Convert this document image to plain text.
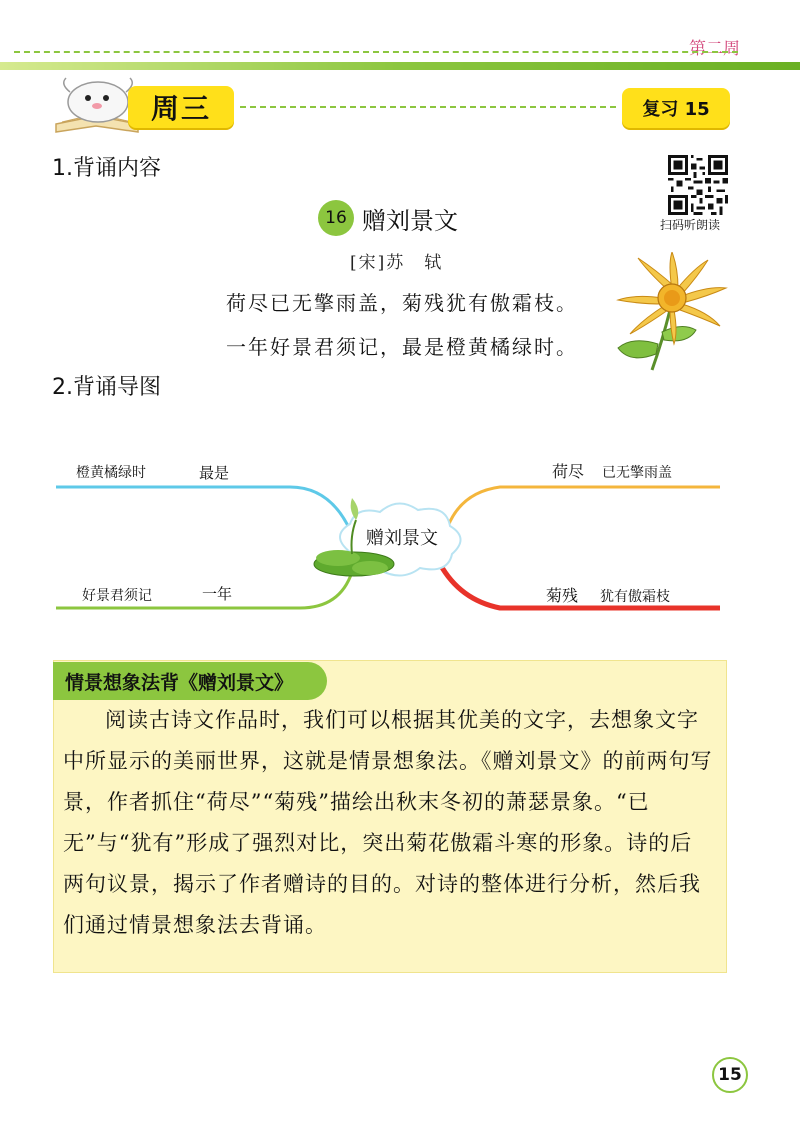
第二周
周三	复习 15
1.背诵内容
16 赠刘景文
[宋]苏　轼
荷尽已无擎雨盖，菊残犹有傲霜枝。
一年好景君须记，最是橙黄橘绿时。
扫码听朗读
2.背诵导图
赠刘景文
橙黄橘绿时	最是
好景君须记	一年
荷尽 已无擎雨盖
菊残 犹有傲霜枝
情景想象法背《赠刘景文》

阅读古诗文作品时，我们可以根据其优美的文字，去想象文字中所显示的美丽世界，这就是情景想象法。《赠刘景文》的前两句写景，作者抓住“荷尽”“菊残”描绘出秋末冬初的萧瑟景象。“已无”与“犹有”形成了强烈对比，突出菊花傲霜斗寒的形象。诗的后两句议景，揭示了作者赠诗的目的。对诗的整体进行分析，然后我们通过情景想象法去背诵。

15
